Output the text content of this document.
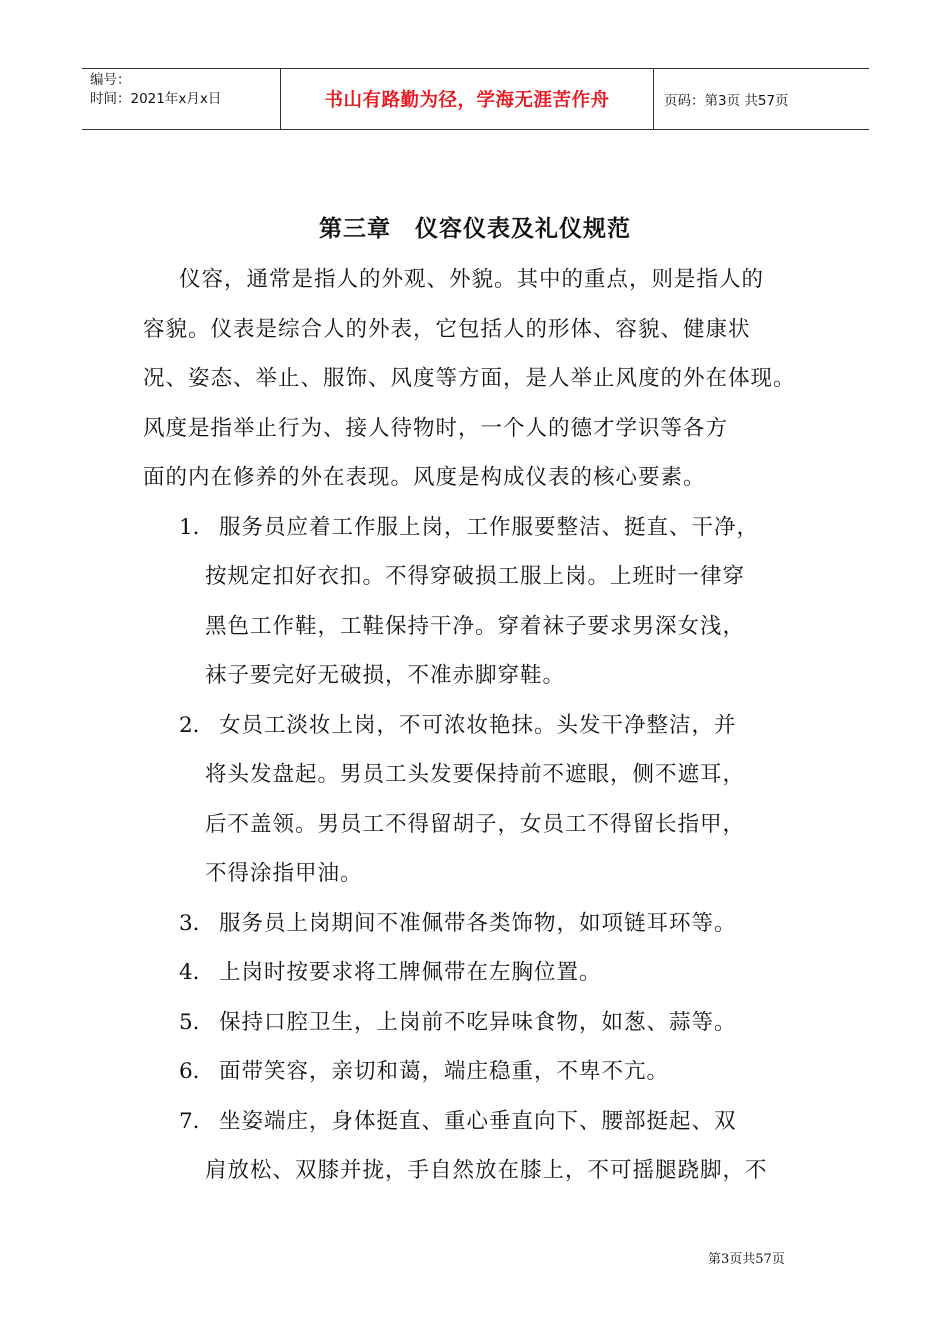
编号：
时间：2021年x月x日	书山有路勤为径，学海无涯苦作舟	页码：第3页 共57页
第三章　仪容仪表及礼仪规范
仪容，通常是指人的外观、外貌。其中的重点，则是指人的
容貌。仪表是综合人的外表，它包括人的形体、容貌、健康状
况、姿态、举止、服饰、风度等方面，是人举止风度的外在体现。
风度是指举止行为、接人待物时，一个人的德才学识等各方
面的内在修养的外在表现。风度是构成仪表的核心要素。
1. 服务员应着工作服上岗，工作服要整洁、挺直、干净，
按规定扣好衣扣。不得穿破损工服上岗。上班时一律穿
黑色工作鞋，工鞋保持干净。穿着袜子要求男深女浅，
袜子要完好无破损，不准赤脚穿鞋。
2. 女员工淡妆上岗，不可浓妆艳抹。头发干净整洁，并
将头发盘起。男员工头发要保持前不遮眼，侧不遮耳，
后不盖领。男员工不得留胡子，女员工不得留长指甲，
不得涂指甲油。
3. 服务员上岗期间不准佩带各类饰物，如项链耳环等。
4. 上岗时按要求将工牌佩带在左胸位置。
5. 保持口腔卫生，上岗前不吃异味食物，如葱、蒜等。
6. 面带笑容，亲切和蔼，端庄稳重，不卑不亢。
7. 坐姿端庄，身体挺直、重心垂直向下、腰部挺起、双
肩放松、双膝并拢，手自然放在膝上，不可摇腿跷脚，不
第3页共57页
